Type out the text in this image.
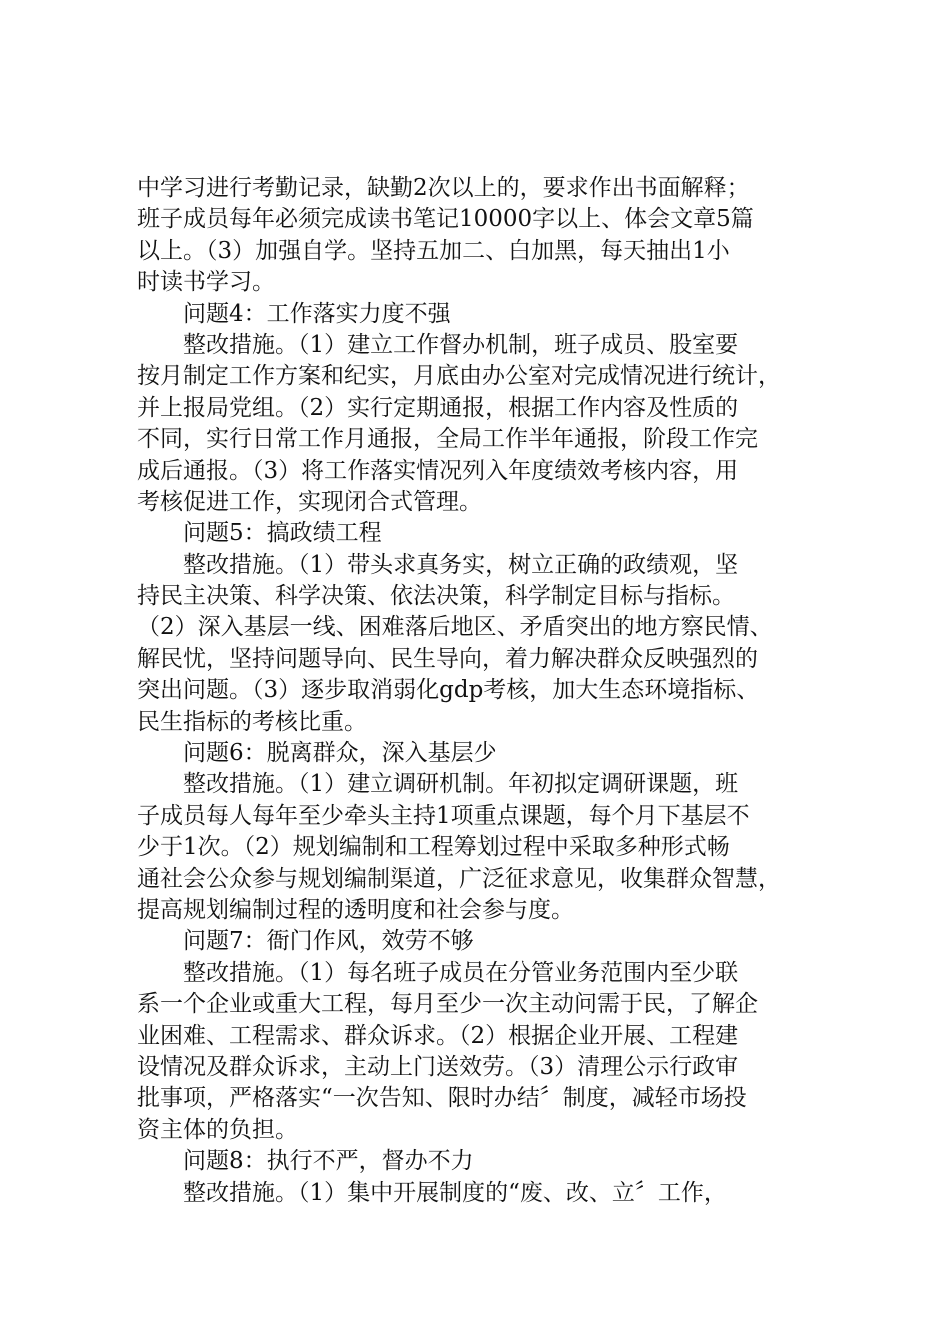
中学习进行考勤记录，缺勤2次以上的，要求作出书面解释；
班子成员每年必须完成读书笔记10000字以上、体会文章5篇
以上。（3）加强自学。坚持五加二、白加黑，每天抽出1小
时读书学习。
问题4：工作落实力度不强
整改措施。（1）建立工作督办机制，班子成员、股室要
按月制定工作方案和纪实，月底由办公室对完成情况进行统计，
并上报局党组。（2）实行定期通报，根据工作内容及性质的
不同，实行日常工作月通报，全局工作半年通报，阶段工作完
成后通报。（3）将工作落实情况列入年度绩效考核内容，用
考核促进工作，实现闭合式管理。
问题5：搞政绩工程
整改措施。（1）带头求真务实，树立正确的政绩观，坚
持民主决策、科学决策、依法决策，科学制定目标与指标。
（2）深入基层一线、困难落后地区、矛盾突出的地方察民情、
解民忧，坚持问题导向、民生导向，着力解决群众反映强烈的
突出问题。（3）逐步取消弱化gdp考核，加大生态环境指标、
民生指标的考核比重。
问题6：脱离群众，深入基层少
整改措施。（1）建立调研机制。年初拟定调研课题，班
子成员每人每年至少牵头主持1项重点课题，每个月下基层不
少于1次。（2）规划编制和工程筹划过程中采取多种形式畅
通社会公众参与规划编制渠道，广泛征求意见，收集群众智慧，
提高规划编制过程的透明度和社会参与度。
问题7：衙门作风，效劳不够
整改措施。（1）每名班子成员在分管业务范围内至少联
系一个企业或重大工程，每月至少一次主动问需于民，了解企
业困难、工程需求、群众诉求。（2）根据企业开展、工程建
设情况及群众诉求，主动上门送效劳。（3）清理公示行政审
批事项，严格落实“一次告知、限时办结〞制度，减轻市场投
资主体的负担。
问题8：执行不严，督办不力
整改措施。（1）集中开展制度的“废、改、立〞工作，
